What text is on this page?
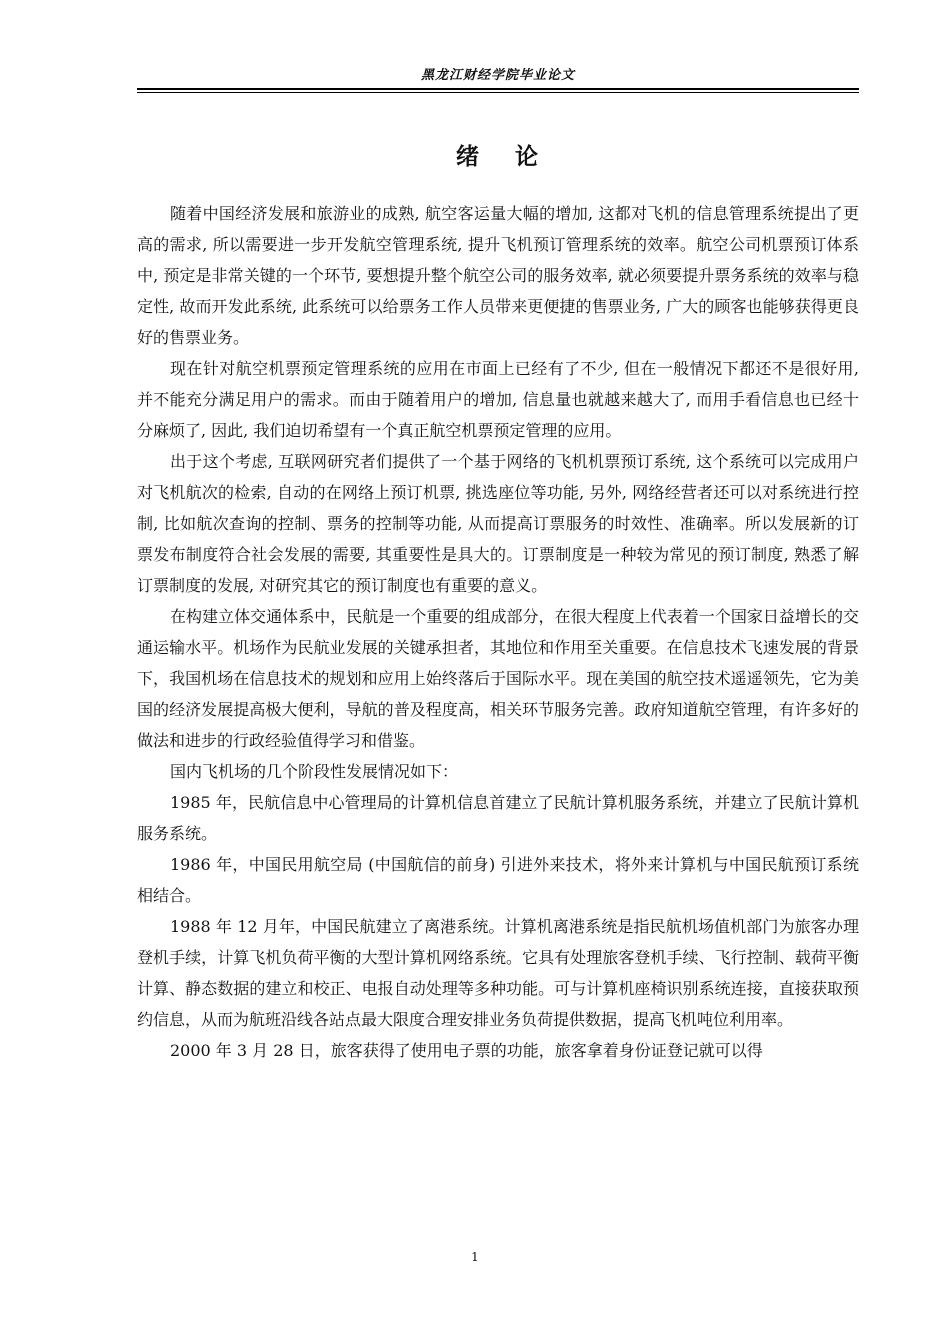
黑龙江财经学院毕业论文
绪 论

随着中国经济发展和旅游业的成熟, 航空客运量大幅的增加, 这都对飞机的信息管理系统提出了更高的需求, 所以需要进一步开发航空管理系统, 提升飞机预订管理系统的效率。航空公司机票预订体系中, 预定是非常关键的一个环节, 要想提升整个航空公司的服务效率, 就必须要提升票务系统的效率与稳定性, 故而开发此系统, 此系统可以给票务工作人员带来更便捷的售票业务, 广大的顾客也能够获得更良好的售票业务。

现在针对航空机票预定管理系统的应用在市面上已经有了不少, 但在一般情况下都还不是很好用, 并不能充分满足用户的需求。而由于随着用户的增加, 信息量也就越来越大了, 而用手看信息也已经十分麻烦了, 因此, 我们迫切希望有一个真正航空机票预定管理的应用。

出于这个考虑, 互联网研究者们提供了一个基于网络的飞机机票预订系统, 这个系统可以完成用户对飞机航次的检索, 自动的在网络上预订机票, 挑选座位等功能, 另外, 网络经营者还可以对系统进行控制, 比如航次查询的控制、票务的控制等功能, 从而提高订票服务的时效性、准确率。所以发展新的订票发布制度符合社会发展的需要, 其重要性是具大的。订票制度是一种较为常见的预订制度, 熟悉了解订票制度的发展, 对研究其它的预订制度也有重要的意义。

在构建立体交通体系中，民航是一个重要的组成部分，在很大程度上代表着一个国家日益增长的交通运输水平。机场作为民航业发展的关键承担者，其地位和作用至关重要。在信息技术飞速发展的背景下，我国机场在信息技术的规划和应用上始终落后于国际水平。现在美国的航空技术遥遥领先，它为美国的经济发展提高极大便利，导航的普及程度高，相关环节服务完善。政府知道航空管理，有许多好的做法和进步的行政经验值得学习和借鉴。

国内飞机场的几个阶段性发展情况如下：

1985 年，民航信息中心管理局的计算机信息首建立了民航计算机服务系统，并建立了民航计算机服务系统。

1986 年，中国民用航空局 (中国航信的前身) 引进外来技术，将外来计算机与中国民航预订系统相结合。

1988 年 12 月年，中国民航建立了离港系统。计算机离港系统是指民航机场值机部门为旅客办理登机手续，计算飞机负荷平衡的大型计算机网络系统。它具有处理旅客登机手续、飞行控制、载荷平衡计算、静态数据的建立和校正、电报自动处理等多种功能。可与计算机座椅识别系统连接，直接获取预约信息，从而为航班沿线各站点最大限度合理安排业务负荷提供数据，提高飞机吨位利用率。

2000 年 3 月 28 日，旅客获得了使用电子票的功能，旅客拿着身份证登记就可以得

1
